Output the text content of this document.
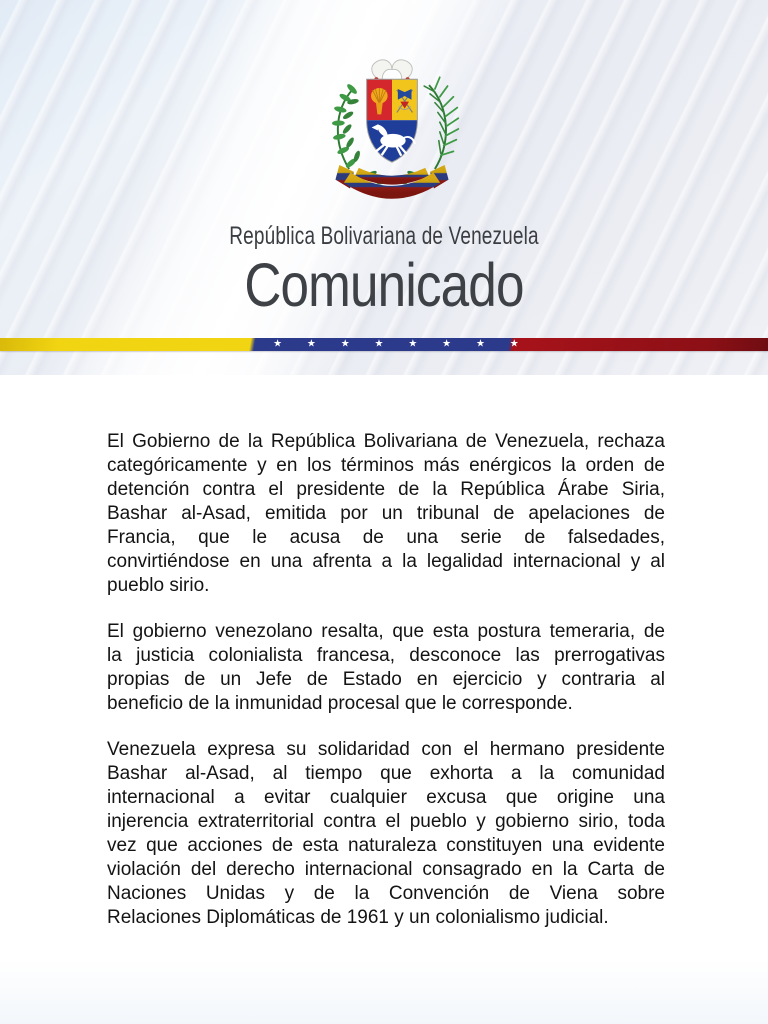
República Bolivariana de Venezuela
Comunicado
★ ★ ★ ★ ★ ★ ★ ★
El Gobierno de la República Bolivariana de Venezuela, rechaza
categóricamente y en los términos más enérgicos la orden de
detención contra el presidente de la República Árabe Siria,
Bashar al-Asad, emitida por un tribunal de apelaciones de
Francia, que le acusa de una serie de falsedades,
convirtiéndose en una afrenta a la legalidad internacional y al
pueblo sirio.
El gobierno venezolano resalta, que esta postura temeraria, de
la justicia colonialista francesa, desconoce las prerrogativas
propias de un Jefe de Estado en ejercicio y contraria al
beneficio de la inmunidad procesal que le corresponde.
Venezuela expresa su solidaridad con el hermano presidente
Bashar al-Asad, al tiempo que exhorta a la comunidad
internacional a evitar cualquier excusa que origine una
injerencia extraterritorial contra el pueblo y gobierno sirio, toda
vez que acciones de esta naturaleza constituyen una evidente
violación del derecho internacional consagrado en la Carta de
Naciones Unidas y de la Convención de Viena sobre
Relaciones Diplomáticas de 1961 y un colonialismo judicial.
